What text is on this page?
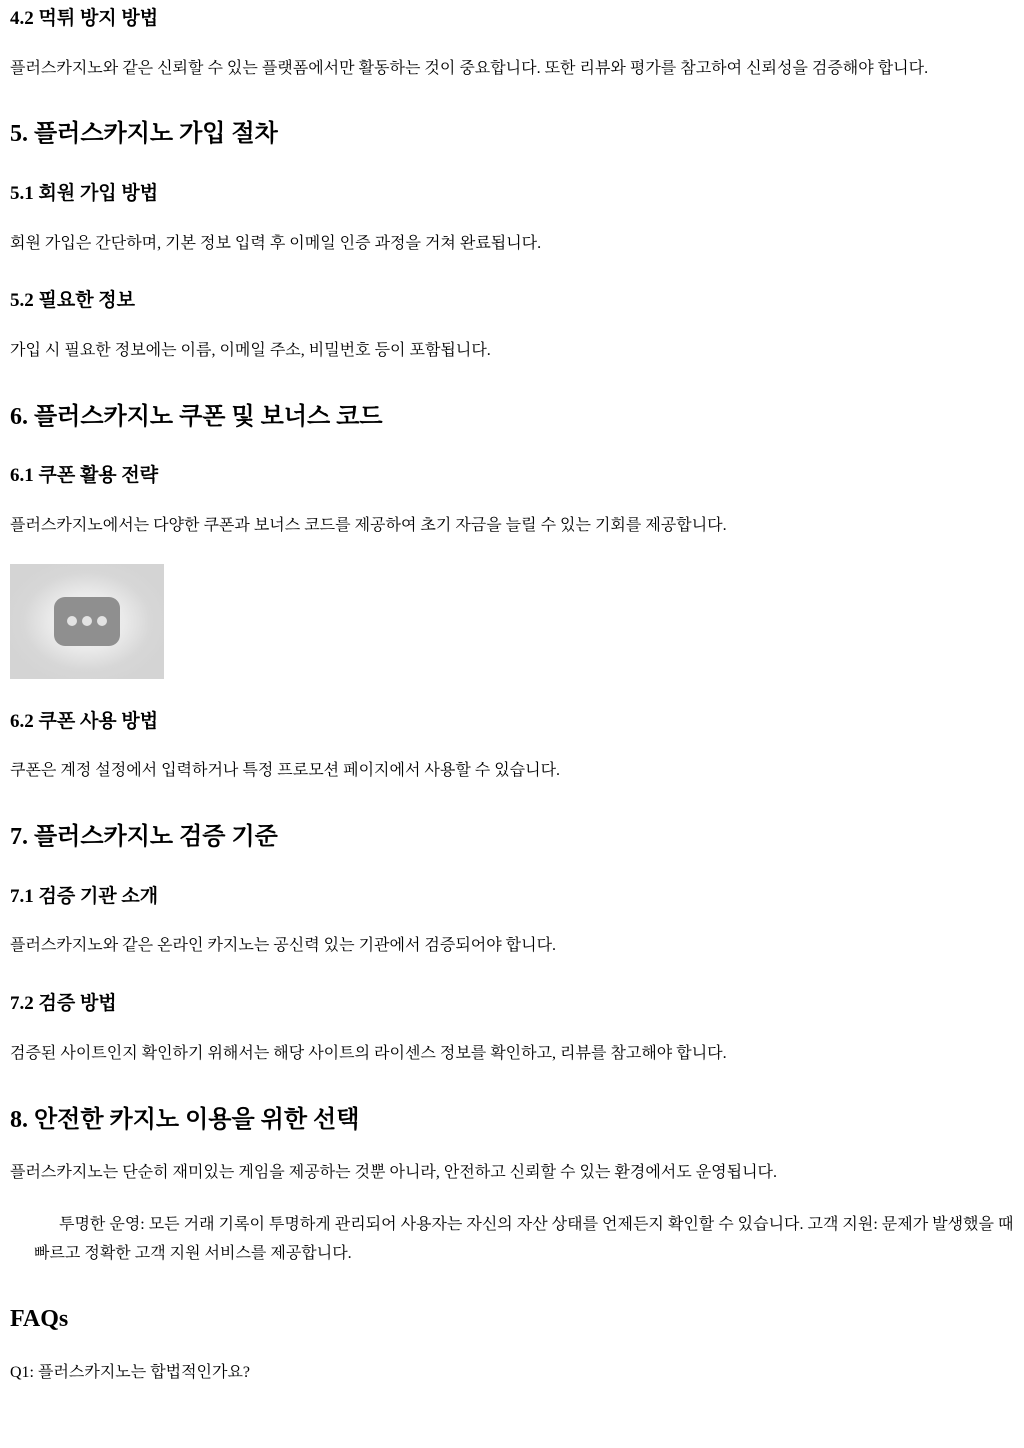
4.2 먹튀 방지 방법

플러스카지노와 같은 신뢰할 수 있는 플랫폼에서만 활동하는 것이 중요합니다. 또한 리뷰와 평가를 참고하여 신뢰성을 검증해야 합니다.

5. 플러스카지노 가입 절차
5.1 회원 가입 방법

회원 가입은 간단하며, 기본 정보 입력 후 이메일 인증 과정을 거쳐 완료됩니다.

5.2 필요한 정보

가입 시 필요한 정보에는 이름, 이메일 주소, 비밀번호 등이 포함됩니다.

6. 플러스카지노 쿠폰 및 보너스 코드
6.1 쿠폰 활용 전략

플러스카지노에서는 다양한 쿠폰과 보너스 코드를 제공하여 초기 자금을 늘릴 수 있는 기회를 제공합니다.

6.2 쿠폰 사용 방법

쿠폰은 계정 설정에서 입력하거나 특정 프로모션 페이지에서 사용할 수 있습니다.

7. 플러스카지노 검증 기준
7.1 검증 기관 소개

플러스카지노와 같은 온라인 카지노는 공신력 있는 기관에서 검증되어야 합니다.

7.2 검증 방법

검증된 사이트인지 확인하기 위해서는 해당 사이트의 라이센스 정보를 확인하고, 리뷰를 참고해야 합니다.

8. 안전한 카지노 이용을 위한 선택

플러스카지노는 단순히 재미있는 게임을 제공하는 것뿐 아니라, 안전하고 신뢰할 수 있는 환경에서도 운영됩니다.

투명한 운영: 모든 거래 기록이 투명하게 관리되어 사용자는 자신의 자산 상태를 언제든지 확인할 수 있습니다. 고객 지원: 문제가 발생했을 때 빠르고 정확한 고객 지원 서비스를 제공합니다.

FAQs

Q1: 플러스카지노는 합법적인가요?
